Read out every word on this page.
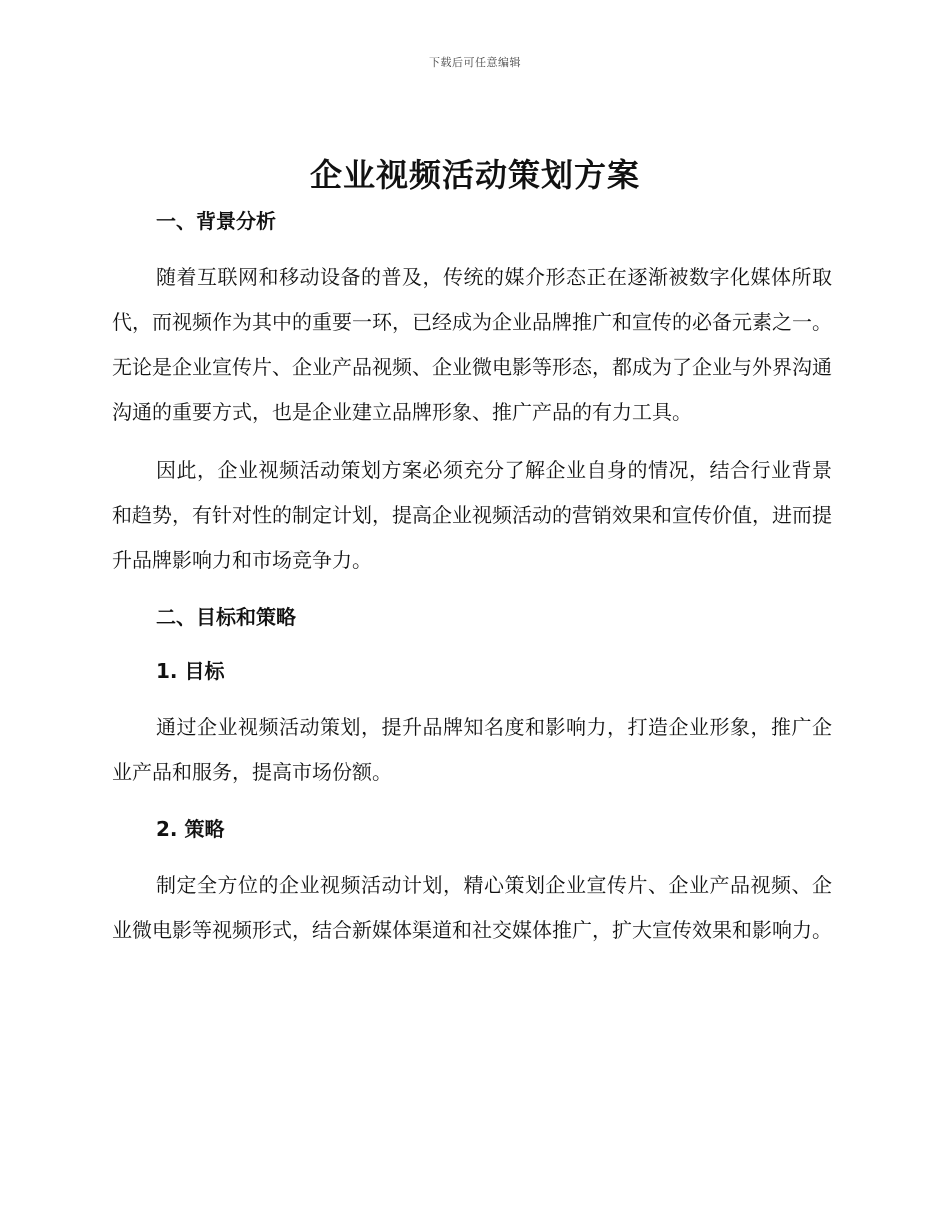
下载后可任意编辑
企业视频活动策划方案
一、背景分析

随着互联网和移动设备的普及，传统的媒介形态正在逐渐被数字化媒体所取代，而视频作为其中的重要一环，已经成为企业品牌推广和宣传的必备元素之一。无论是企业宣传片、企业产品视频、企业微电影等形态，都成为了企业与外界沟通沟通的重要方式，也是企业建立品牌形象、推广产品的有力工具。

因此，企业视频活动策划方案必须充分了解企业自身的情况，结合行业背景和趋势，有针对性的制定计划，提高企业视频活动的营销效果和宣传价值，进而提升品牌影响力和市场竞争力。

二、目标和策略
1. 目标

通过企业视频活动策划，提升品牌知名度和影响力，打造企业形象，推广企业产品和服务，提高市场份额。

2. 策略

制定全方位的企业视频活动计划，精心策划企业宣传片、企业产品视频、企业微电影等视频形式，结合新媒体渠道和社交媒体推广，扩大宣传效果和影响力。
